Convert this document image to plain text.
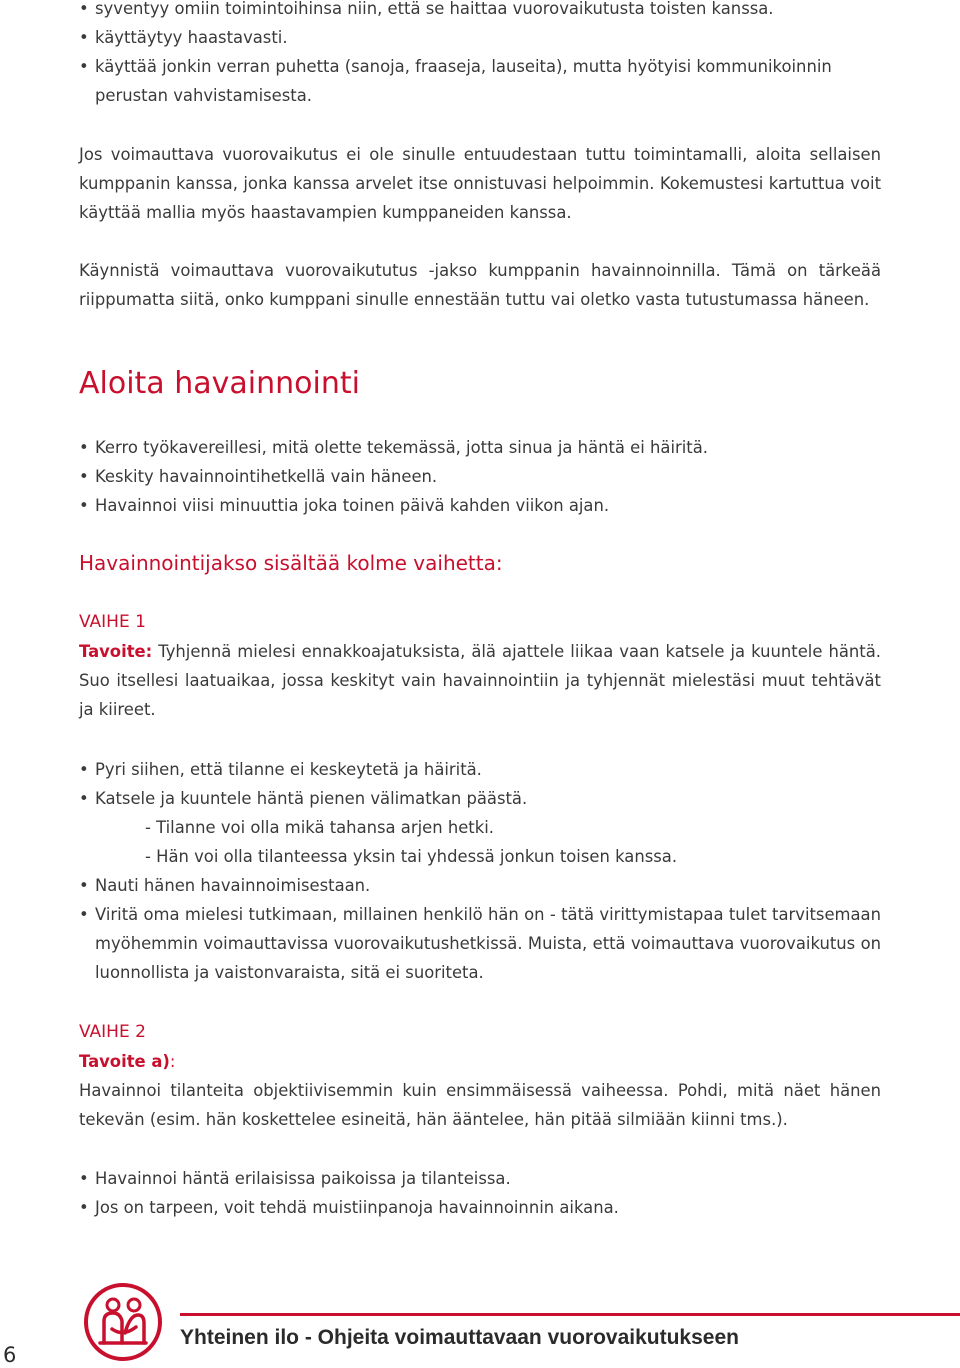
• syventyy omiin toimintoihinsa niin, että se haittaa vuorovaikutusta toisten kanssa.
• käyttäytyy haastavasti.
• käyttää jonkin verran puhetta (sanoja, fraaseja, lauseita), mutta hyötyisi kommunikoinnin perustan vahvistamisesta.

Jos voimauttava vuorovaikutus ei ole sinulle entuudestaan tuttu toimintamalli, aloita sellaisen kumppanin kanssa, jonka kanssa arvelet itse onnistuvasi helpoimmin. Kokemustesi kartuttua voit käyttää mallia myös haastavampien kumppaneiden kanssa.

Käynnistä voimauttava vuorovaikututus -jakso kumppanin havainnoinnilla. Tämä on tärkeää riippumatta siitä, onko kumppani sinulle ennestään tuttu vai oletko vasta tutustumassa häneen.

Aloita havainnointi
• Kerro työkavereillesi, mitä olette tekemässä, jotta sinua ja häntä ei häiritä.
• Keskity havainnointihetkellä vain häneen.
• Havainnoi viisi minuuttia joka toinen päivä kahden viikon ajan.
Havainnointijakso sisältää kolme vaihetta:
VAIHE 1

Tavoite: Tyhjennä mielesi ennakkoajatuksista, älä ajattele liikaa vaan katsele ja kuuntele häntä. Suo itsellesi laatuaikaa, jossa keskityt vain havainnointiin ja tyhjennät mielestäsi muut tehtävät ja kiireet.

• Pyri siihen, että tilanne ei keskeytetä ja häiritä.
• Katsele ja kuuntele häntä pienen välimatkan päästä.
- Tilanne voi olla mikä tahansa arjen hetki.
- Hän voi olla tilanteessa yksin tai yhdessä jonkun toisen kanssa.
• Nauti hänen havainnoimisestaan.
• Viritä oma mielesi tutkimaan, millainen henkilö hän on - tätä virittymistapaa tulet tarvitsemaan myöhemmin voimauttavissa vuorovaikutushetkissä. Muista, että voimauttava vuorovaikutus on luonnollista ja vaistonvaraista, sitä ei suoriteta.
VAIHE 2
Tavoite a):

Havainnoi tilanteita objektiivisemmin kuin ensimmäisessä vaiheessa. Pohdi, mitä näet hänen tekevän (esim. hän koskettelee esineitä, hän ääntelee, hän pitää silmiään kiinni tms.).

• Havainnoi häntä erilaisissa paikoissa ja tilanteissa.
• Jos on tarpeen, voit tehdä muistiinpanoja havainnoinnin aikana.
Yhteinen ilo - Ohjeita voimauttavaan vuorovaikutukseen
6
